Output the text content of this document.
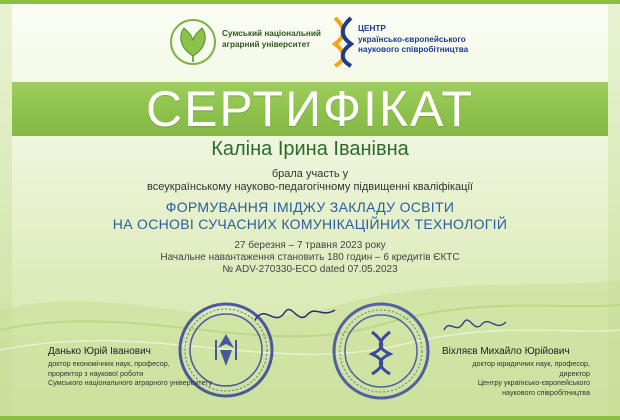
Сумський національний
аграрний університет
ЦЕНТР
українсько-європейського
наукового співробітництва
СЕРТИФІКАТ
Каліна Ірина Іванівна
брала участь у
всеукраїнському науково-педагогічному підвищенні кваліфікації
ФОРМУВАННЯ ІМІДЖУ ЗАКЛАДУ ОСВІТИ
НА ОСНОВІ СУЧАСНИХ КОМУНІКАЦІЙНИХ ТЕХНОЛОГІЙ
27 березня – 7 травня 2023 року
Начальне навантаження становить 180 годин – 6 кредитів ЄКТС
№ ADV-270330-ECO dated 07.05.2023
Данько Юрій Іванович
доктор економічних наук, професор,
проректор з наукової роботи
Сумського національного аграрного університету
Віхляєв Михайло Юрійович
доктор юридичних наук, професор, директор
Центру українсько-європейського
наукового співробітництва
